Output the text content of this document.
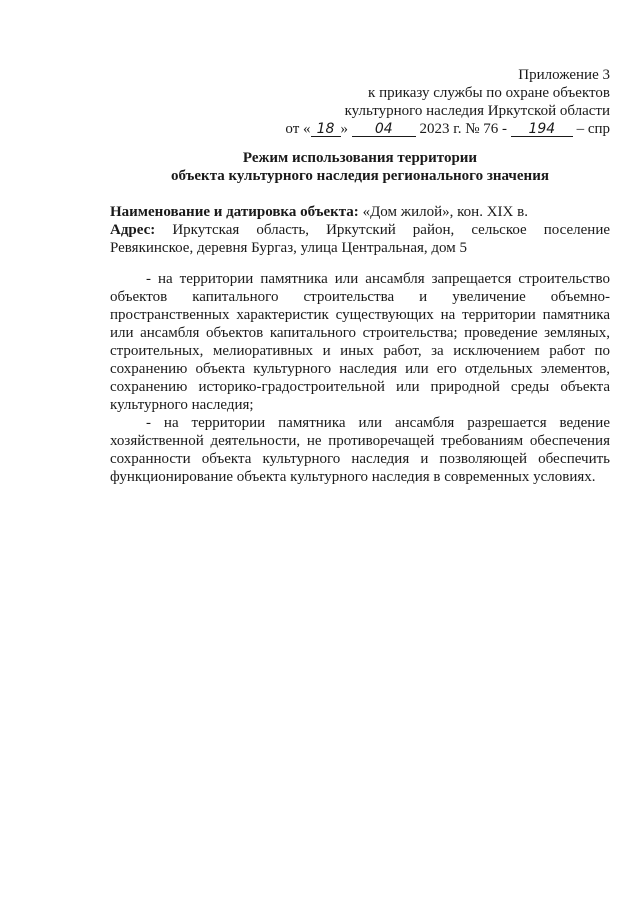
Приложение 3
к приказу службы по охране объектов
культурного наследия Иркутской области
от « 18 » 04 2023 г. № 76 - 194 – спр
Режим использования территории
объекта культурного наследия регионального значения

Наименование и датировка объекта: «Дом жилой», кон. XIX в.

Адрес: Иркутская область, Иркутский район, сельское поселение Ревякинское, деревня Бургаз, улица Центральная, дом 5

- на территории памятника или ансамбля запрещается строительство объектов капитального строительства и увеличение объемно-пространственных характеристик существующих на территории памятника или ансамбля объектов капитального строительства; проведение земляных, строительных, мелиоративных и иных работ, за исключением работ по сохранению объекта культурного наследия или его отдельных элементов, сохранению историко-градостроительной или природной среды объекта культурного наследия;

- на территории памятника или ансамбля разрешается ведение хозяйственной деятельности, не противоречащей требованиям обеспечения сохранности объекта культурного наследия и позволяющей обеспечить функционирование объекта культурного наследия в современных условиях.
